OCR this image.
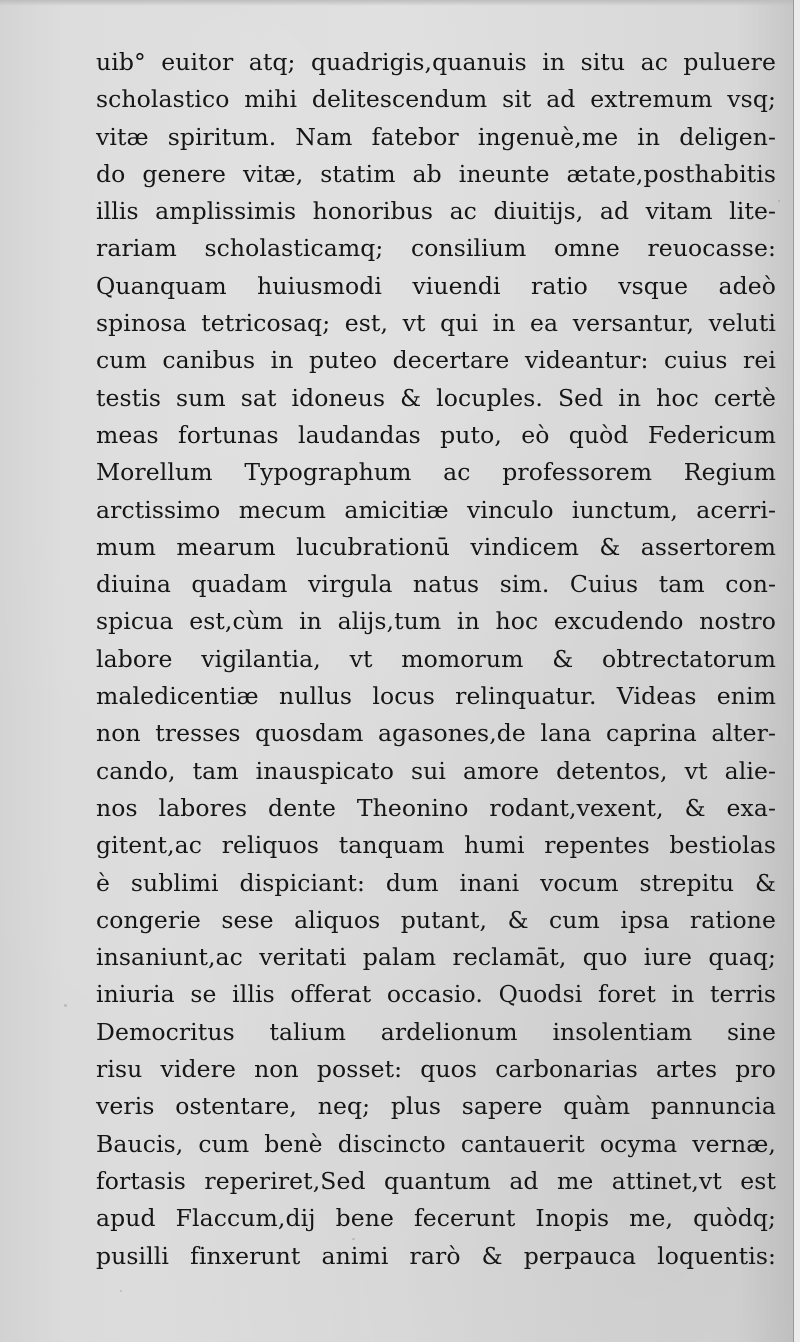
uib° euitor atq; quadrigis,quanuis in situ ac puluere
scholastico mihi delitescendum sit ad extremum vsq;
vitæ spiritum. Nam fatebor ingenuè,me in deligen-
do genere vitæ, statim ab ineunte ætate,posthabitis
illis amplissimis honoribus ac diuitijs, ad vitam lite-
rariam scholasticamq; consilium omne reuocasse:
Quanquam huiusmodi viuendi ratio vsque adeò
spinosa tetricosaq; est, vt qui in ea versantur, veluti
cum canibus in puteo decertare videantur: cuius rei
testis sum sat idoneus & locuples. Sed in hoc certè
meas fortunas laudandas puto, eò quòd Federicum
Morellum Typographum ac professorem Regium
arctissimo mecum amicitiæ vinculo iunctum, acerri-
mum mearum lucubrationū vindicem & assertorem
diuina quadam virgula natus sim. Cuius tam con-
spicua est,cùm in alijs,tum in hoc excudendo nostro
labore vigilantia, vt momorum & obtrectatorum
maledicentiæ nullus locus relinquatur. Videas enim
non tresses quosdam agasones,de lana caprina alter-
cando, tam inauspicato sui amore detentos, vt alie-
nos labores dente Theonino rodant,vexent, & exa-
gitent,ac reliquos tanquam humi repentes bestiolas
è sublimi dispiciant: dum inani vocum strepitu &
congerie sese aliquos putant, & cum ipsa ratione
insaniunt,ac veritati palam reclamāt, quo iure quaq;
iniuria se illis offerat occasio. Quodsi foret in terris
Democritus talium ardelionum insolentiam sine
risu videre non posset: quos carbonarias artes pro
veris ostentare, neq; plus sapere quàm pannuncia
Baucis, cum benè discincto cantauerit ocyma vernæ,
fortasis reperiret,Sed quantum ad me attinet,vt est
apud Flaccum,dij bene fecerunt Inopis me, quòdq;
pusilli finxerunt animi rarò & perpauca loquentis:
